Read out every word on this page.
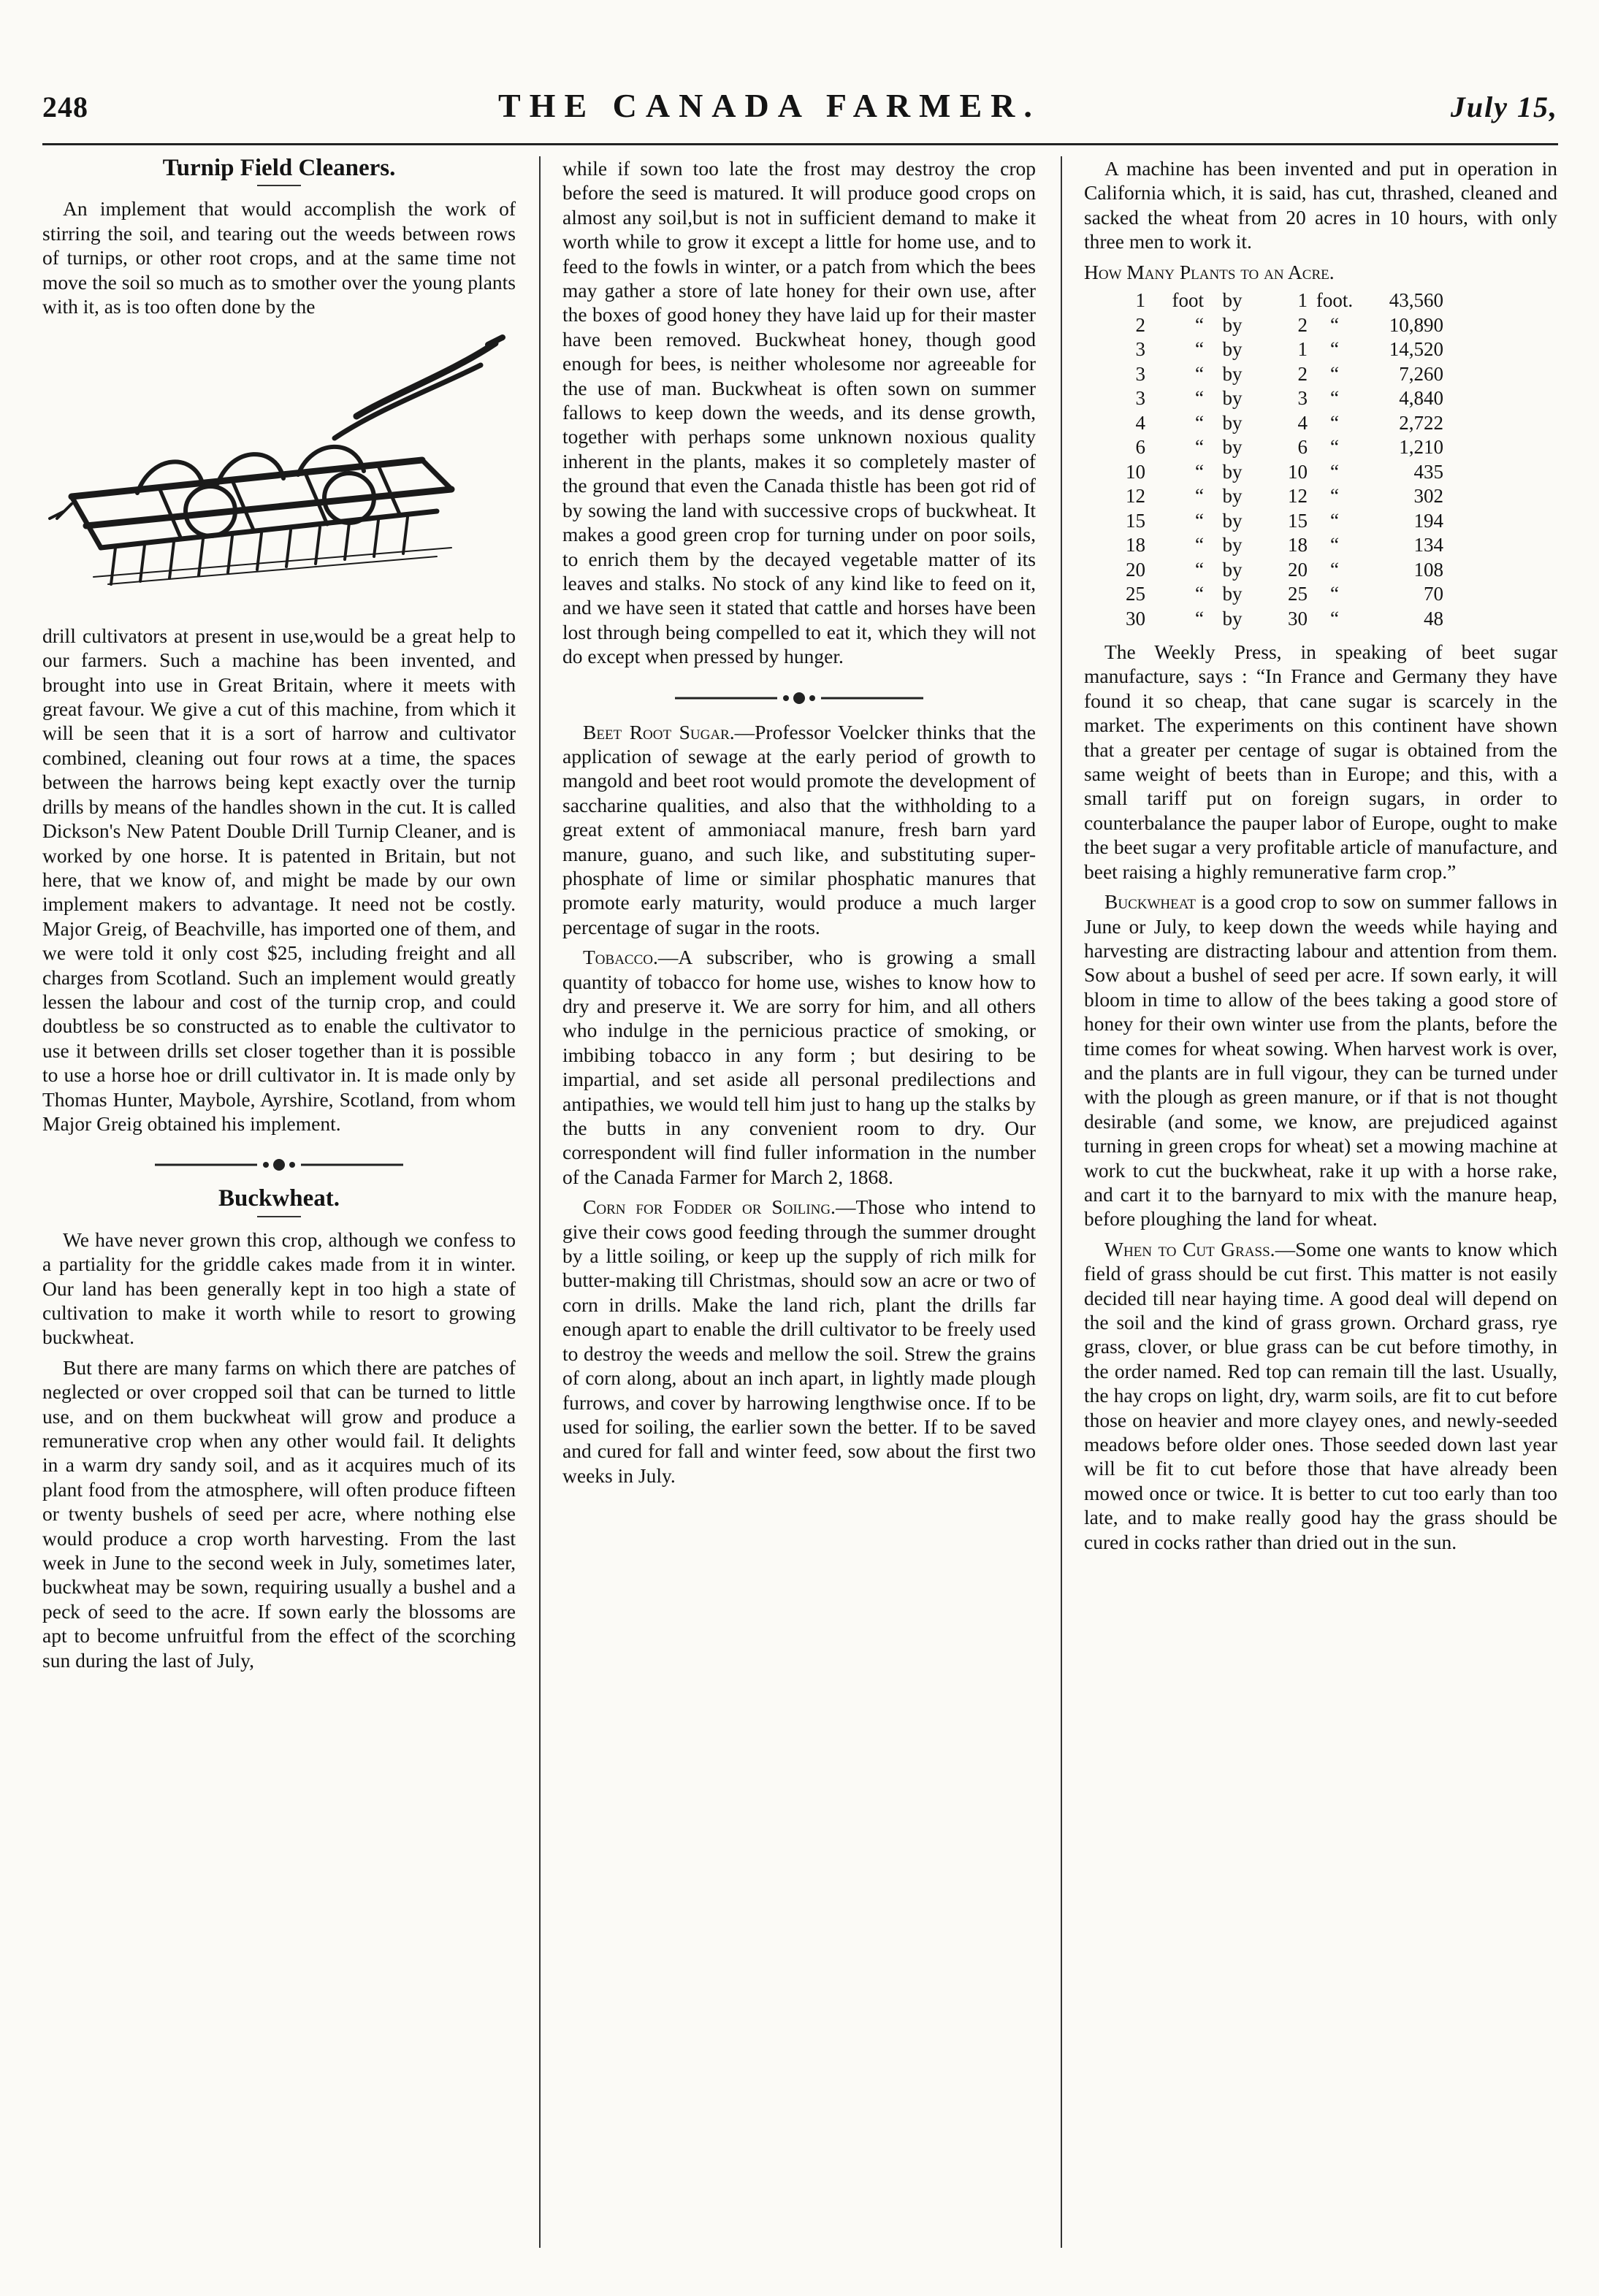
248	THE CANADA FARMER.	July 15,
Turnip Field Cleaners.

An implement that would accomplish the work of stirring the soil, and tearing out the weeds between rows of turnips, or other root crops, and at the same time not move the soil so much as to smother over the young plants with it, as is too often done by the

drill cultivators at present in use,would be a great help to our farmers. Such a machine has been invented, and brought into use in Great Britain, where it meets with great favour. We give a cut of this machine, from which it will be seen that it is a sort of harrow and cultivator combined, cleaning out four rows at a time, the spaces between the harrows being kept exactly over the turnip drills by means of the handles shown in the cut. It is called Dickson's New Patent Double Drill Turnip Cleaner, and is worked by one horse. It is patented in Britain, but not here, that we know of, and might be made by our own implement makers to advantage. It need not be costly. Major Greig, of Beachville, has imported one of them, and we were told it only cost $25, including freight and all charges from Scotland. Such an implement would greatly lessen the labour and cost of the turnip crop, and could doubtless be so constructed as to enable the cultivator to use it between drills set closer together than it is possible to use a horse hoe or drill cultivator in. It is made only by Thomas Hunter, Maybole, Ayrshire, Scotland, from whom Major Greig obtained his implement.

Buckwheat.

We have never grown this crop, although we confess to a partiality for the griddle cakes made from it in winter. Our land has been generally kept in too high a state of cultivation to make it worth while to resort to growing buckwheat.

But there are many farms on which there are patches of neglected or over cropped soil that can be turned to little use, and on them buckwheat will grow and produce a remunerative crop when any other would fail. It delights in a warm dry sandy soil, and as it acquires much of its plant food from the atmosphere, will often produce fifteen or twenty bushels of seed per acre, where nothing else would produce a crop worth harvesting. From the last week in June to the second week in July, sometimes later, buckwheat may be sown, requiring usually a bushel and a peck of seed to the acre. If sown early the blossoms are apt to become unfruitful from the effect of the scorching sun during the last of July,

while if sown too late the frost may destroy the crop before the seed is matured. It will produce good crops on almost any soil,but is not in sufficient demand to make it worth while to grow it except a little for home use, and to feed to the fowls in winter, or a patch from which the bees may gather a store of late honey for their own use, after the boxes of good honey they have laid up for their master have been removed. Buckwheat honey, though good enough for bees, is neither wholesome nor agreeable for the use of man. Buckwheat is often sown on summer fallows to keep down the weeds, and its dense growth, together with perhaps some unknown noxious quality inherent in the plants, makes it so completely master of the ground that even the Canada thistle has been got rid of by sowing the land with successive crops of buckwheat. It makes a good green crop for turning under on poor soils, to enrich them by the decayed vegetable matter of its leaves and stalks. No stock of any kind like to feed on it, and we have seen it stated that cattle and horses have been lost through being compelled to eat it, which they will not do except when pressed by hunger.

Beet Root Sugar.—Professor Voelcker thinks that the application of sewage at the early period of growth to mangold and beet root would promote the development of saccharine qualities, and also that the withholding to a great extent of ammoniacal manure, fresh barn yard manure, guano, and such like, and substituting super-phosphate of lime or similar phosphatic manures that promote early maturity, would produce a much larger percentage of sugar in the roots.

Tobacco.—A subscriber, who is growing a small quantity of tobacco for home use, wishes to know how to dry and preserve it. We are sorry for him, and all others who indulge in the pernicious practice of smoking, or imbibing tobacco in any form ; but desiring to be impartial, and set aside all personal predilections and antipathies, we would tell him just to hang up the stalks by the butts in any convenient room to dry. Our correspondent will find fuller information in the number of the Canada Farmer for March 2, 1868.

Corn for Fodder or Soiling.—Those who intend to give their cows good feeding through the summer drought by a little soiling, or keep up the supply of rich milk for butter-making till Christmas, should sow an acre or two of corn in drills. Make the land rich, plant the drills far enough apart to enable the drill cultivator to be freely used to destroy the weeds and mellow the soil. Strew the grains of corn along, about an inch apart, in lightly made plough furrows, and cover by harrowing lengthwise once. If to be used for soiling, the earlier sown the better. If to be saved and cured for fall and winter feed, sow about the first two weeks in July.

A machine has been invented and put in operation in California which, it is said, has cut, thrashed, cleaned and sacked the wheat from 20 acres in 10 hours, with only three men to work it.

How Many Plants to an Acre.

1	foot	by	1	foot.	43,560
2	“	by	2	“	10,890
3	“	by	1	“	14,520
3	“	by	2	“	7,260
3	“	by	3	“	4,840
4	“	by	4	“	2,722
6	“	by	6	“	1,210
10	“	by	10	“	435
12	“	by	12	“	302
15	“	by	15	“	194
18	“	by	18	“	134
20	“	by	20	“	108
25	“	by	25	“	70
30	“	by	30	“	48

The Weekly Press, in speaking of beet sugar manufacture, says : “In France and Germany they have found it so cheap, that cane sugar is scarcely in the market. The experiments on this continent have shown that a greater per centage of sugar is obtained from the same weight of beets than in Europe; and this, with a small tariff put on foreign sugars, in order to counterbalance the pauper labor of Europe, ought to make the beet sugar a very profitable article of manufacture, and beet raising a highly remunerative farm crop.”

Buckwheat is a good crop to sow on summer fallows in June or July, to keep down the weeds while haying and harvesting are distracting labour and attention from them. Sow about a bushel of seed per acre. If sown early, it will bloom in time to allow of the bees taking a good store of honey for their own winter use from the plants, before the time comes for wheat sowing. When harvest work is over, and the plants are in full vigour, they can be turned under with the plough as green manure, or if that is not thought desirable (and some, we know, are prejudiced against turning in green crops for wheat) set a mowing machine at work to cut the buckwheat, rake it up with a horse rake, and cart it to the barnyard to mix with the manure heap, before ploughing the land for wheat.

When to Cut Grass.—Some one wants to know which field of grass should be cut first. This matter is not easily decided till near haying time. A good deal will depend on the soil and the kind of grass grown. Orchard grass, rye grass, clover, or blue grass can be cut before timothy, in the order named. Red top can remain till the last. Usually, the hay crops on light, dry, warm soils, are fit to cut before those on heavier and more clayey ones, and newly-seeded meadows before older ones. Those seeded down last year will be fit to cut before those that have already been mowed once or twice. It is better to cut too early than too late, and to make really good hay the grass should be cured in cocks rather than dried out in the sun.
